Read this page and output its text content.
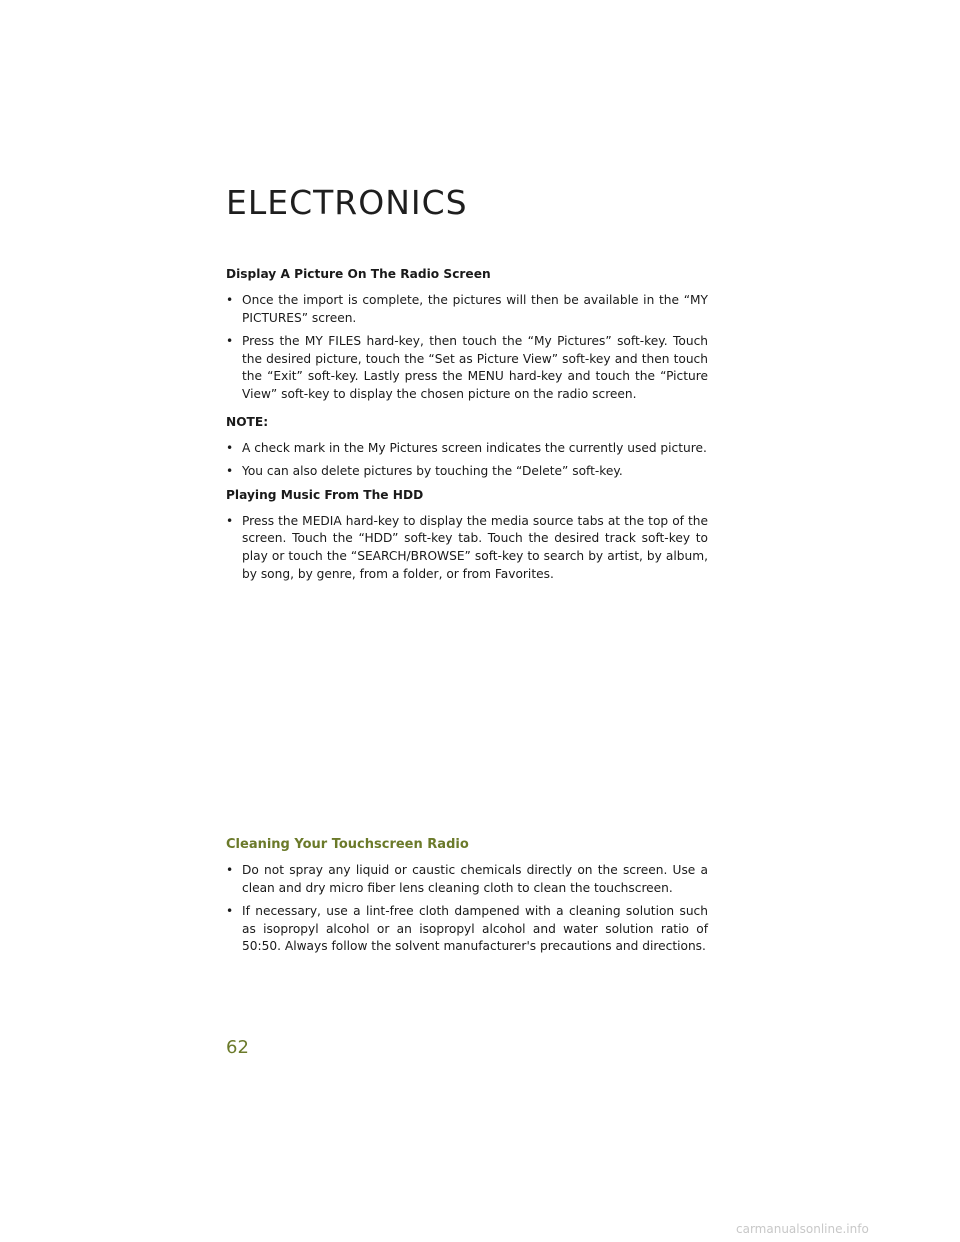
ELECTRONICS
Display A Picture On The Radio Screen

• Once the import is complete, the pictures will then be available in the “MY PICTURES” screen.

• Press the MY FILES hard-key, then touch the “My Pictures” soft-key. Touch the desired picture, touch the “Set as Picture View” soft-key and then touch the “Exit” soft-key. Lastly press the MENU hard-key and touch the “Picture View” soft-key to display the chosen picture on the radio screen.

NOTE:

• A check mark in the My Pictures screen indicates the currently used picture.

• You can also delete pictures by touching the “Delete” soft-key.

Playing Music From The HDD

• Press the MEDIA hard-key to display the media source tabs at the top of the screen. Touch the “HDD” soft-key tab. Touch the desired track soft-key to play or touch the “SEARCH/BROWSE” soft-key to search by artist, by album, by song, by genre, from a folder, or from Favorites.

Cleaning Your Touchscreen Radio

• Do not spray any liquid or caustic chemicals directly on the screen. Use a clean and dry micro fiber lens cleaning cloth to clean the touchscreen.

• If necessary, use a lint-free cloth dampened with a cleaning solution such as isopropyl alcohol or an isopropyl alcohol and water solution ratio of 50:50. Always follow the solvent manufacturer's precautions and directions.

62

carmanualsonline.info
